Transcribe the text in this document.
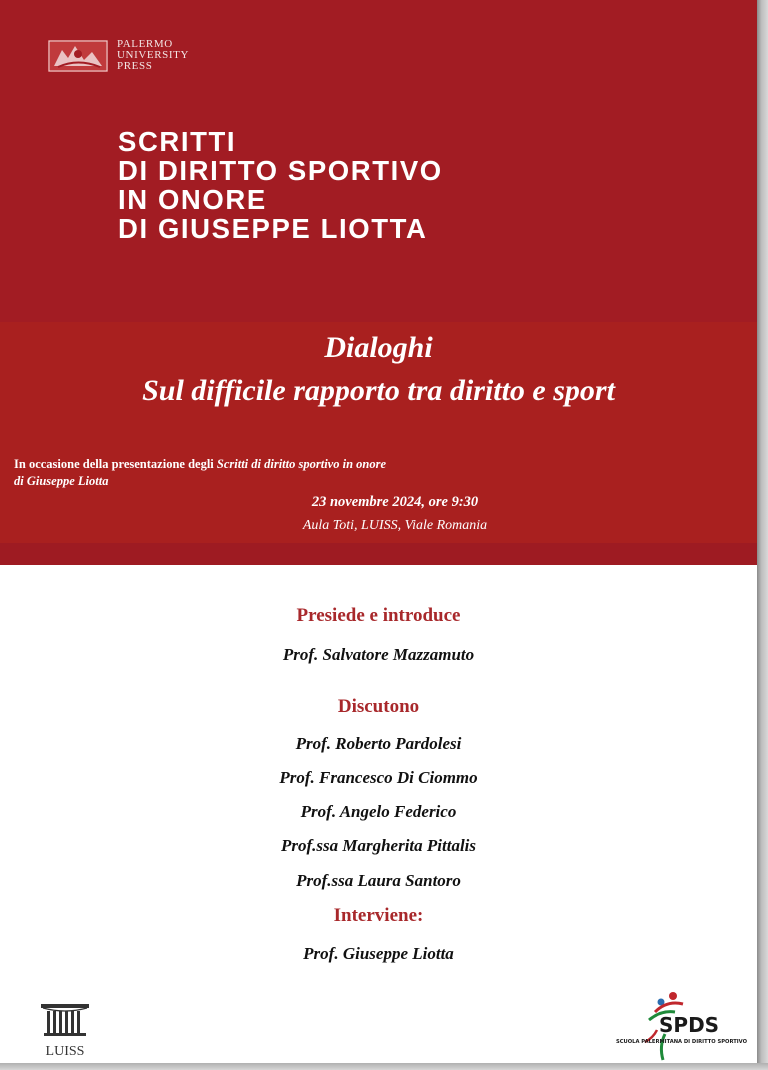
PALERMO
UNIVERSITY
PRESS
SCRITTI
DI DIRITTO SPORTIVO
IN ONORE
DI GIUSEPPE LIOTTA
Dialoghi
Sul difficile rapporto tra diritto e sport
In occasione della presentazione degli Scritti di diritto sportivo in onore
di Giuseppe Liotta
23 novembre 2024, ore 9:30
Aula Toti, LUISS, Viale Romania
Presiede e introduce
Prof. Salvatore Mazzamuto
Discutono
Prof. Roberto Pardolesi
Prof. Francesco Di Ciommo
Prof. Angelo Federico
Prof.ssa Margherita Pittalis
Prof.ssa Laura Santoro
Interviene:
Prof. Giuseppe Liotta
LUISS
SPDS
SCUOLA PALERMITANA DI DIRITTO SPORTIVO
